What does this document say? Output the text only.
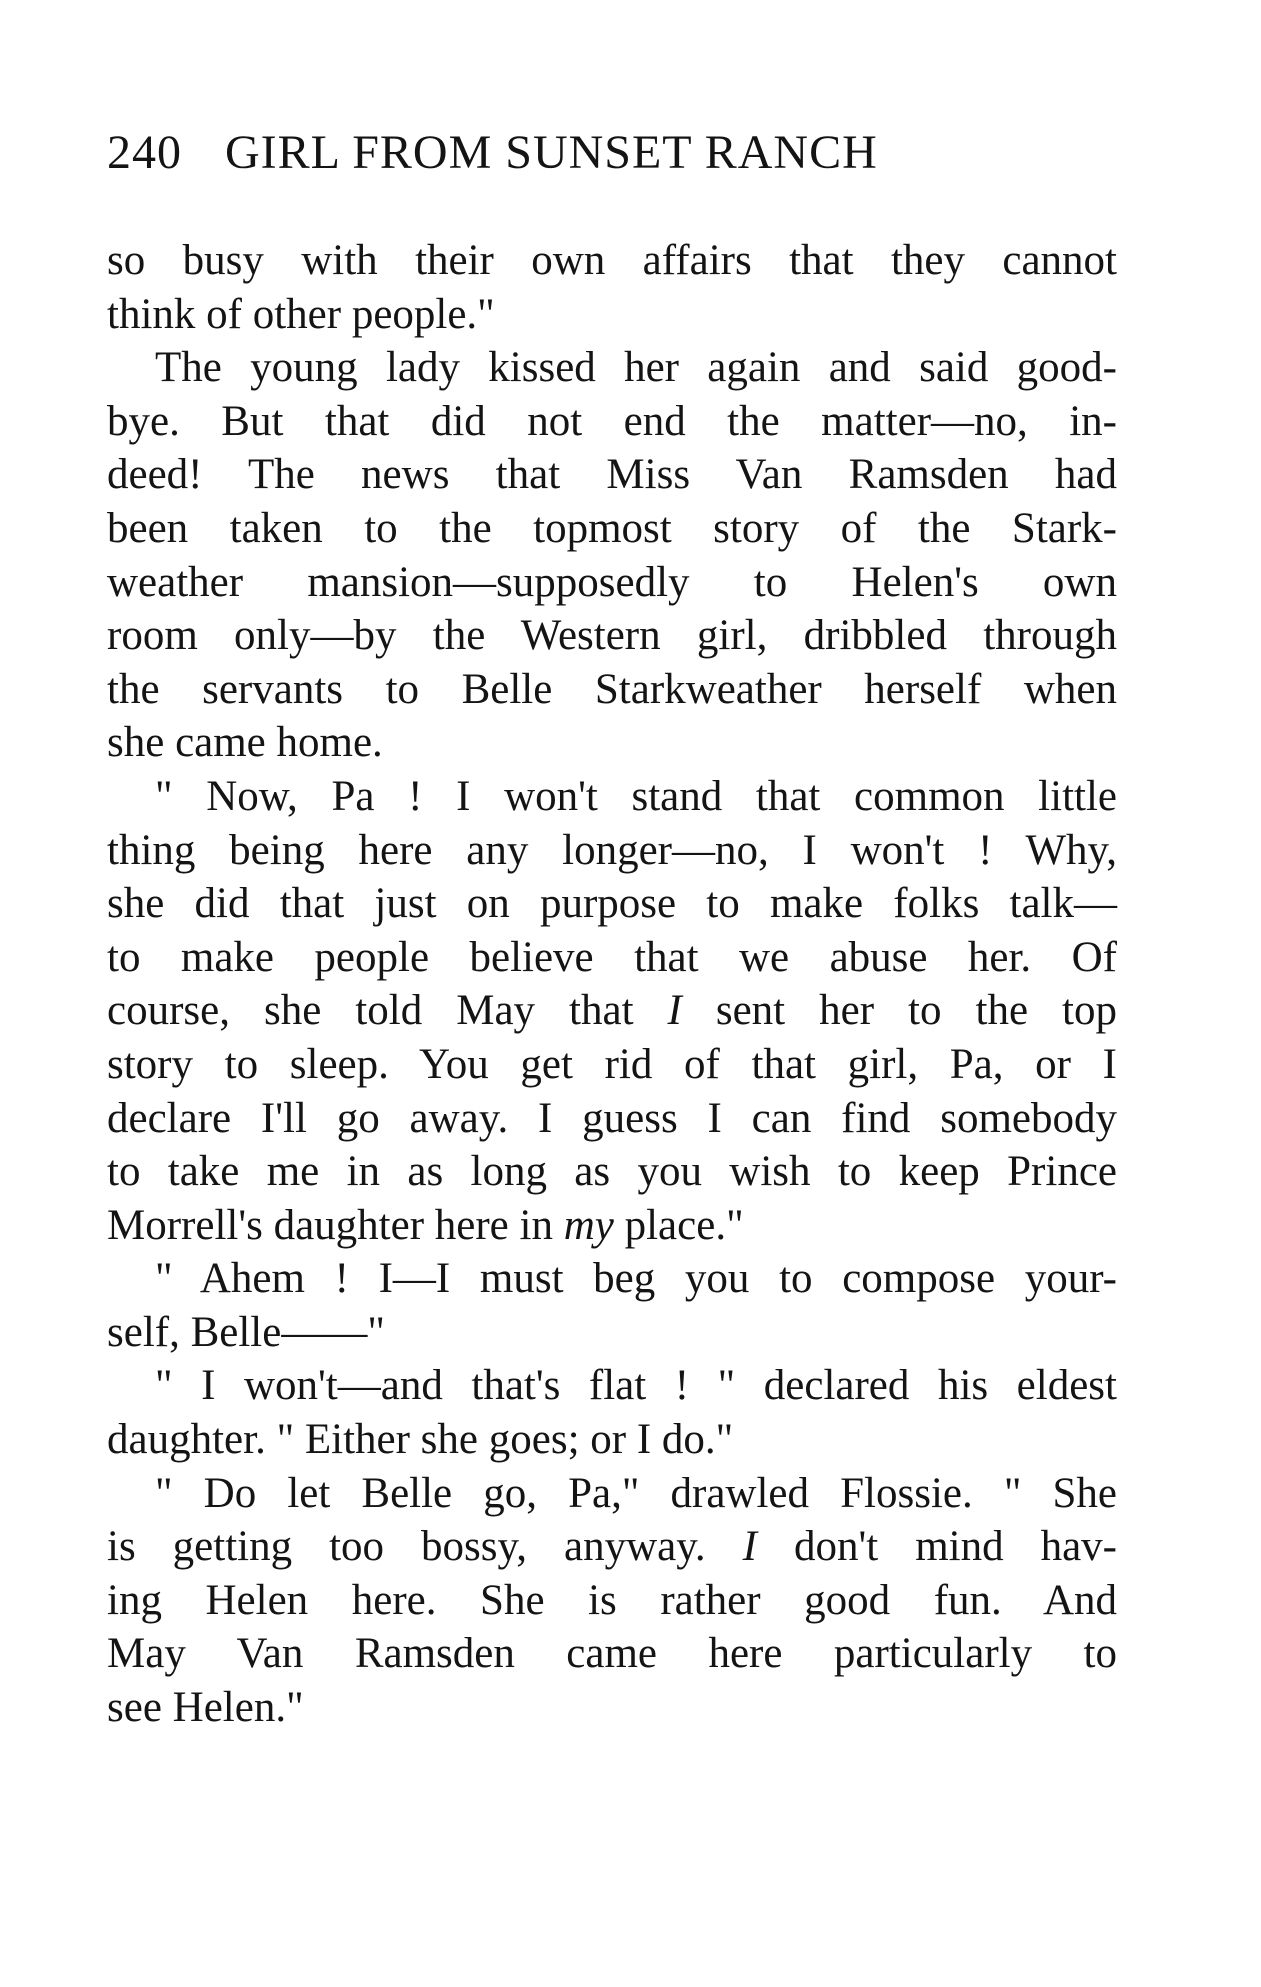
240 GIRL FROM SUNSET RANCH
so busy with their own affairs that they cannot
think of other people."
The young lady kissed her again and said good-
bye. But that did not end the matter—no, in-
deed! The news that Miss Van Ramsden had
been taken to the topmost story of the Stark-
weather mansion—supposedly to Helen's own
room only—by the Western girl, dribbled through
the servants to Belle Starkweather herself when
she came home.
" Now, Pa ! I won't stand that common little
thing being here any longer—no, I won't ! Why,
she did that just on purpose to make folks talk—
to make people believe that we abuse her. Of
course, she told May that I sent her to the top
story to sleep. You get rid of that girl, Pa, or I
declare I'll go away. I guess I can find somebody
to take me in as long as you wish to keep Prince
Morrell's daughter here in my place."
" Ahem ! I—I must beg you to compose your-
self, Belle——"
" I won't—and that's flat ! " declared his eldest
daughter. " Either she goes; or I do."
" Do let Belle go, Pa," drawled Flossie. " She
is getting too bossy, anyway. I don't mind hav-
ing Helen here. She is rather good fun. And
May Van Ramsden came here particularly to
see Helen."
